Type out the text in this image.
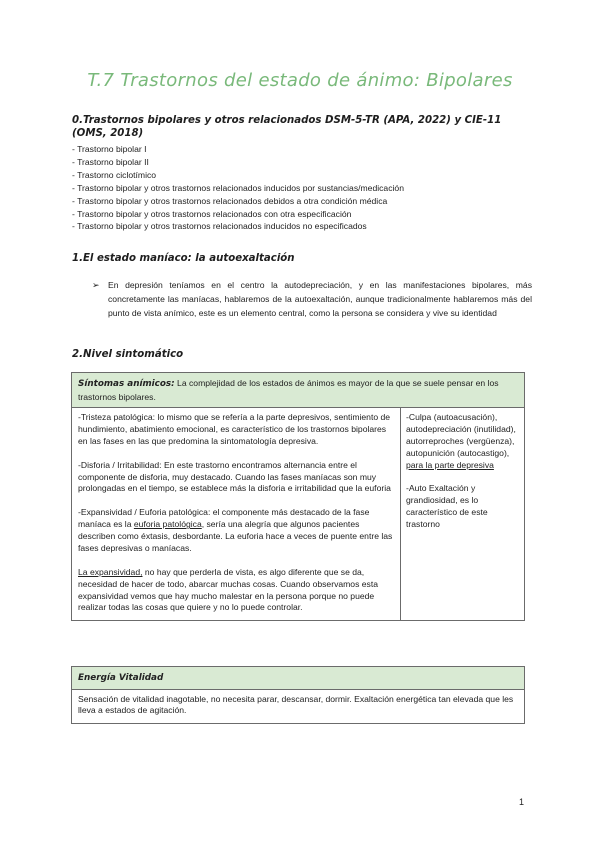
T.7 Trastornos del estado de ánimo: Bipolares
0.Trastornos bipolares y otros relacionados DSM-5-TR (APA, 2022) y CIE-11 (OMS, 2018)
- Trastorno bipolar I
- Trastorno bipolar II
- Trastorno ciclotímico
- Trastorno bipolar y otros trastornos relacionados inducidos por sustancias/medicación
- Trastorno bipolar y otros trastornos relacionados debidos a otra condición médica
- Trastorno bipolar y otros trastornos relacionados con otra especificación
- Trastorno bipolar y otros trastornos relacionados inducidos no especificados
1.El estado maníaco: la autoexaltación
➢ En depresión teníamos en el centro la autodepreciación, y en las manifestaciones bipolares, más concretamente las maníacas, hablaremos de la autoexaltación, aunque tradicionalmente hablaremos más del punto de vista anímico, este es un elemento central, como la persona se considera y vive su identidad
2.Nivel sintomático
Síntomas anímicos: La complejidad de los estados de ánimos es mayor de la que se suele pensar en los trastornos bipolares.

-Tristeza patológica: lo mismo que se refería a la parte depresivos, sentimiento de hundimiento, abatimiento emocional, es característico de los trastornos bipolares en las fases en las que predomina la sintomatología depresiva.

-Disforia / Irritabilidad: En este trastorno encontramos alternancia entre el componente de disforia, muy destacado. Cuando las fases maníacas son muy prolongadas en el tiempo, se establece más la disforia e irritabilidad que la euforia

-Expansividad / Euforia patológica: el componente más destacado de la fase maníaca es la euforia patológica, sería una alegría que algunos pacientes describen como éxtasis, desbordante. La euforia hace a veces de puente entre las fases depresivas o maníacas.

La expansividad, no hay que perderla de vista, es algo diferente que se da, necesidad de hacer de todo, abarcar muchas cosas. Cuando observamos esta expansividad vemos que hay mucho malestar en la persona porque no puede realizar todas las cosas que quiere y no lo puede controlar.

-Culpa (autoacusación), autodepreciación (inutilidad), autorreproches (vergüenza), autopunición (autocastigo), para la parte depresiva

-Auto Exaltación y grandiosidad, es lo característico de este trastorno

Energía Vitalidad

Sensación de vitalidad inagotable, no necesita parar, descansar, dormir. Exaltación energética tan elevada que les lleva a estados de agitación.

1
